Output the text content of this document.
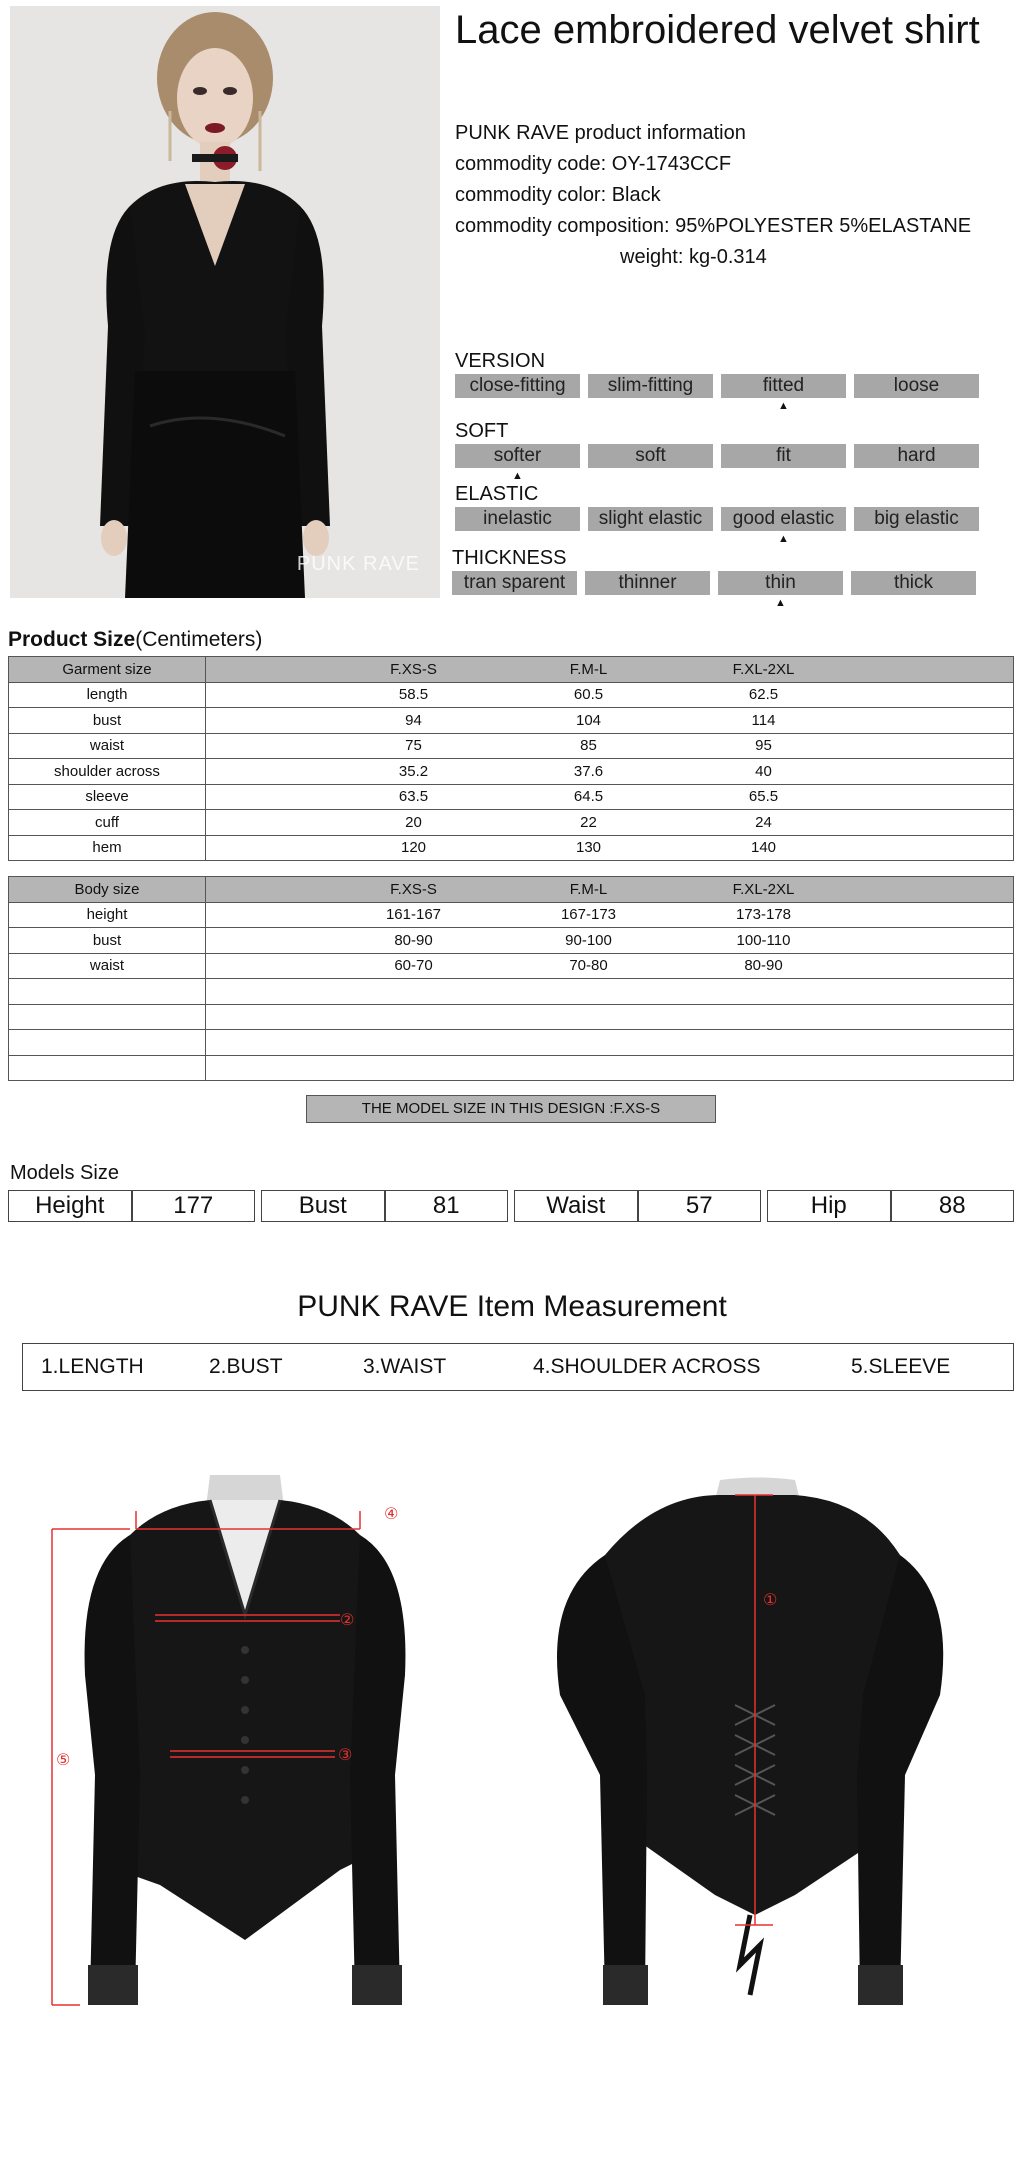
PUNK RAVE
Lace embroidered velvet shirt
PUNK RAVE product information
commodity code: OY-1743CCF
commodity color: Black
commodity composition: 95%POLYESTER 5%ELASTANE
weight: kg-0.314
VERSION
close-fitting	slim-fitting	fitted	loose
▲
SOFT
softer	soft	fit	hard
▲
ELASTIC
inelastic	slight elastic	good elastic	big elastic
▲
THICKNESS
tran sparent	thinner	thin	thick
▲
Product Size(Centimeters)
Garment size	F.XS-S F.M-L F.XL-2XL

length	58.5 60.5 62.5

bust	94 104 114

waist	75 85 95

shoulder across	35.2 37.6 40

sleeve	63.5 64.5 65.5

cuff	20 22 24

hem	120 130 140
Body size	F.XS-S F.M-L F.XL-2XL

height	161-167 167-173 173-178

bust	80-90 90-100 100-110

waist	60-70 70-80 80-90

THE MODEL SIZE IN THIS DESIGN :F.XS-S
Models Size
Height	177	Bust	81	Waist	57	Hip	88
PUNK RAVE Item Measurement
1.LENGTH	2.BUST	3.WAIST	4.SHOULDER ACROSS	5.SLEEVE
④
②
③
⑤
①
